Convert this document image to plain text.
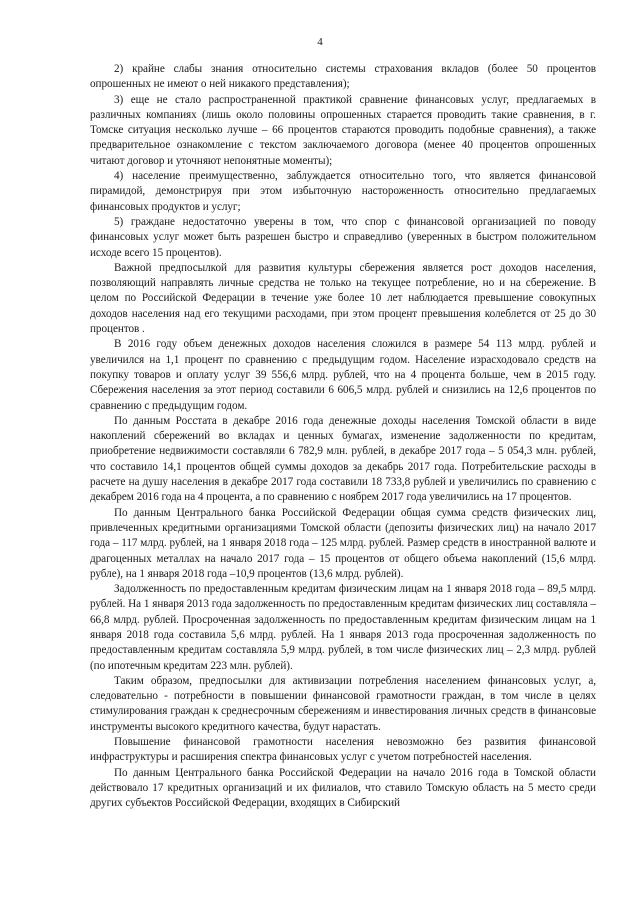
4

2) крайне слабы знания относительно системы страхования вкладов (более 50 процентов опрошенных не имеют о ней никакого представления);

3) еще не стало распространенной практикой сравнение финансовых услуг, предлагаемых в различных компаниях (лишь около половины опрошенных старается проводить такие сравнения, в г. Томске ситуация несколько лучше – 66 процентов стараются проводить подобные сравнения), а также предварительное ознакомление с текстом заключаемого договора (менее 40 процентов опрошенных читают договор и уточняют непонятные моменты);

4) население преимущественно, заблуждается относительно того, что является финансовой пирамидой, демонстрируя при этом избыточную настороженность относительно предлагаемых финансовых продуктов и услуг;

5) граждане недостаточно уверены в том, что спор с финансовой организацией по поводу финансовых услуг может быть разрешен быстро и справедливо (уверенных в быстром положительном исходе всего 15 процентов).

Важной предпосылкой для развития культуры сбережения является рост доходов населения, позволяющий направлять личные средства не только на текущее потребление, но и на сбережение. В целом по Российской Федерации в течение уже более 10 лет наблюдается превышение совокупных доходов населения над его текущими расходами, при этом процент превышения колеблется от 25 до 30 процентов .

В 2016 году объем денежных доходов населения сложился в размере 54 113 млрд. рублей и увеличился на 1,1 процент по сравнению с предыдущим годом. Население израсходовало средств на покупку товаров и оплату услуг 39 556,6 млрд. рублей, что на 4 процента больше, чем в 2015 году. Сбережения населения за этот период составили 6 606,5 млрд. рублей и снизились на 12,6 процентов по сравнению с предыдущим годом.

По данным Росстата в декабре 2016 года денежные доходы населения Томской области в виде накоплений сбережений во вкладах и ценных бумагах, изменение задолженности по кредитам, приобретение недвижимости составляли 6 782,9 млн. рублей, в декабре 2017 года – 5 054,3 млн. рублей, что составило 14,1 процентов общей суммы доходов за декабрь 2017 года. Потребительские расходы в расчете на душу населения в декабре 2017 года составили 18 733,8 рублей и увеличились по сравнению с декабрем 2016 года на 4 процента, а по сравнению с ноябрем 2017 года увеличились на 17 процентов.

По данным Центрального банка Российской Федерации общая сумма средств физических лиц, привлеченных кредитными организациями Томской области (депозиты физических лиц) на начало 2017 года – 117 млрд. рублей, на 1 января 2018 года – 125 млрд. рублей. Размер средств в иностранной валюте и драгоценных металлах на начало 2017 года – 15 процентов от общего объема накоплений (15,6 млрд. рубле), на 1 января 2018 года –10,9 процентов (13,6 млрд. рублей).

Задолженность по предоставленным кредитам физическим лицам на 1 января 2018 года – 89,5 млрд. рублей. На 1 января 2013 года задолженность по предоставленным кредитам физических лиц составляла – 66,8 млрд. рублей. Просроченная задолженность по предоставленным кредитам физическим лицам на 1 января 2018 года составила 5,6 млрд. рублей. На 1 января 2013 года просроченная задолженность по предоставленным кредитам составляла 5,9 млрд. рублей, в том числе физических лиц – 2,3 млрд. рублей (по ипотечным кредитам 223 млн. рублей).

Таким образом, предпосылки для активизации потребления населением финансовых услуг, а, следовательно - потребности в повышении финансовой грамотности граждан, в том числе в целях стимулирования граждан к среднесрочным сбережениям и инвестирования личных средств в финансовые инструменты высокого кредитного качества, будут нарастать.

Повышение финансовой грамотности населения невозможно без развития финансовой инфраструктуры и расширения спектра финансовых услуг с учетом потребностей населения.

По данным Центрального банка Российской Федерации на начало 2016 года в Томской области действовало 17 кредитных организаций и их филиалов, что ставило Томскую область на 5 место среди других субъектов Российской Федерации, входящих в Сибирский
